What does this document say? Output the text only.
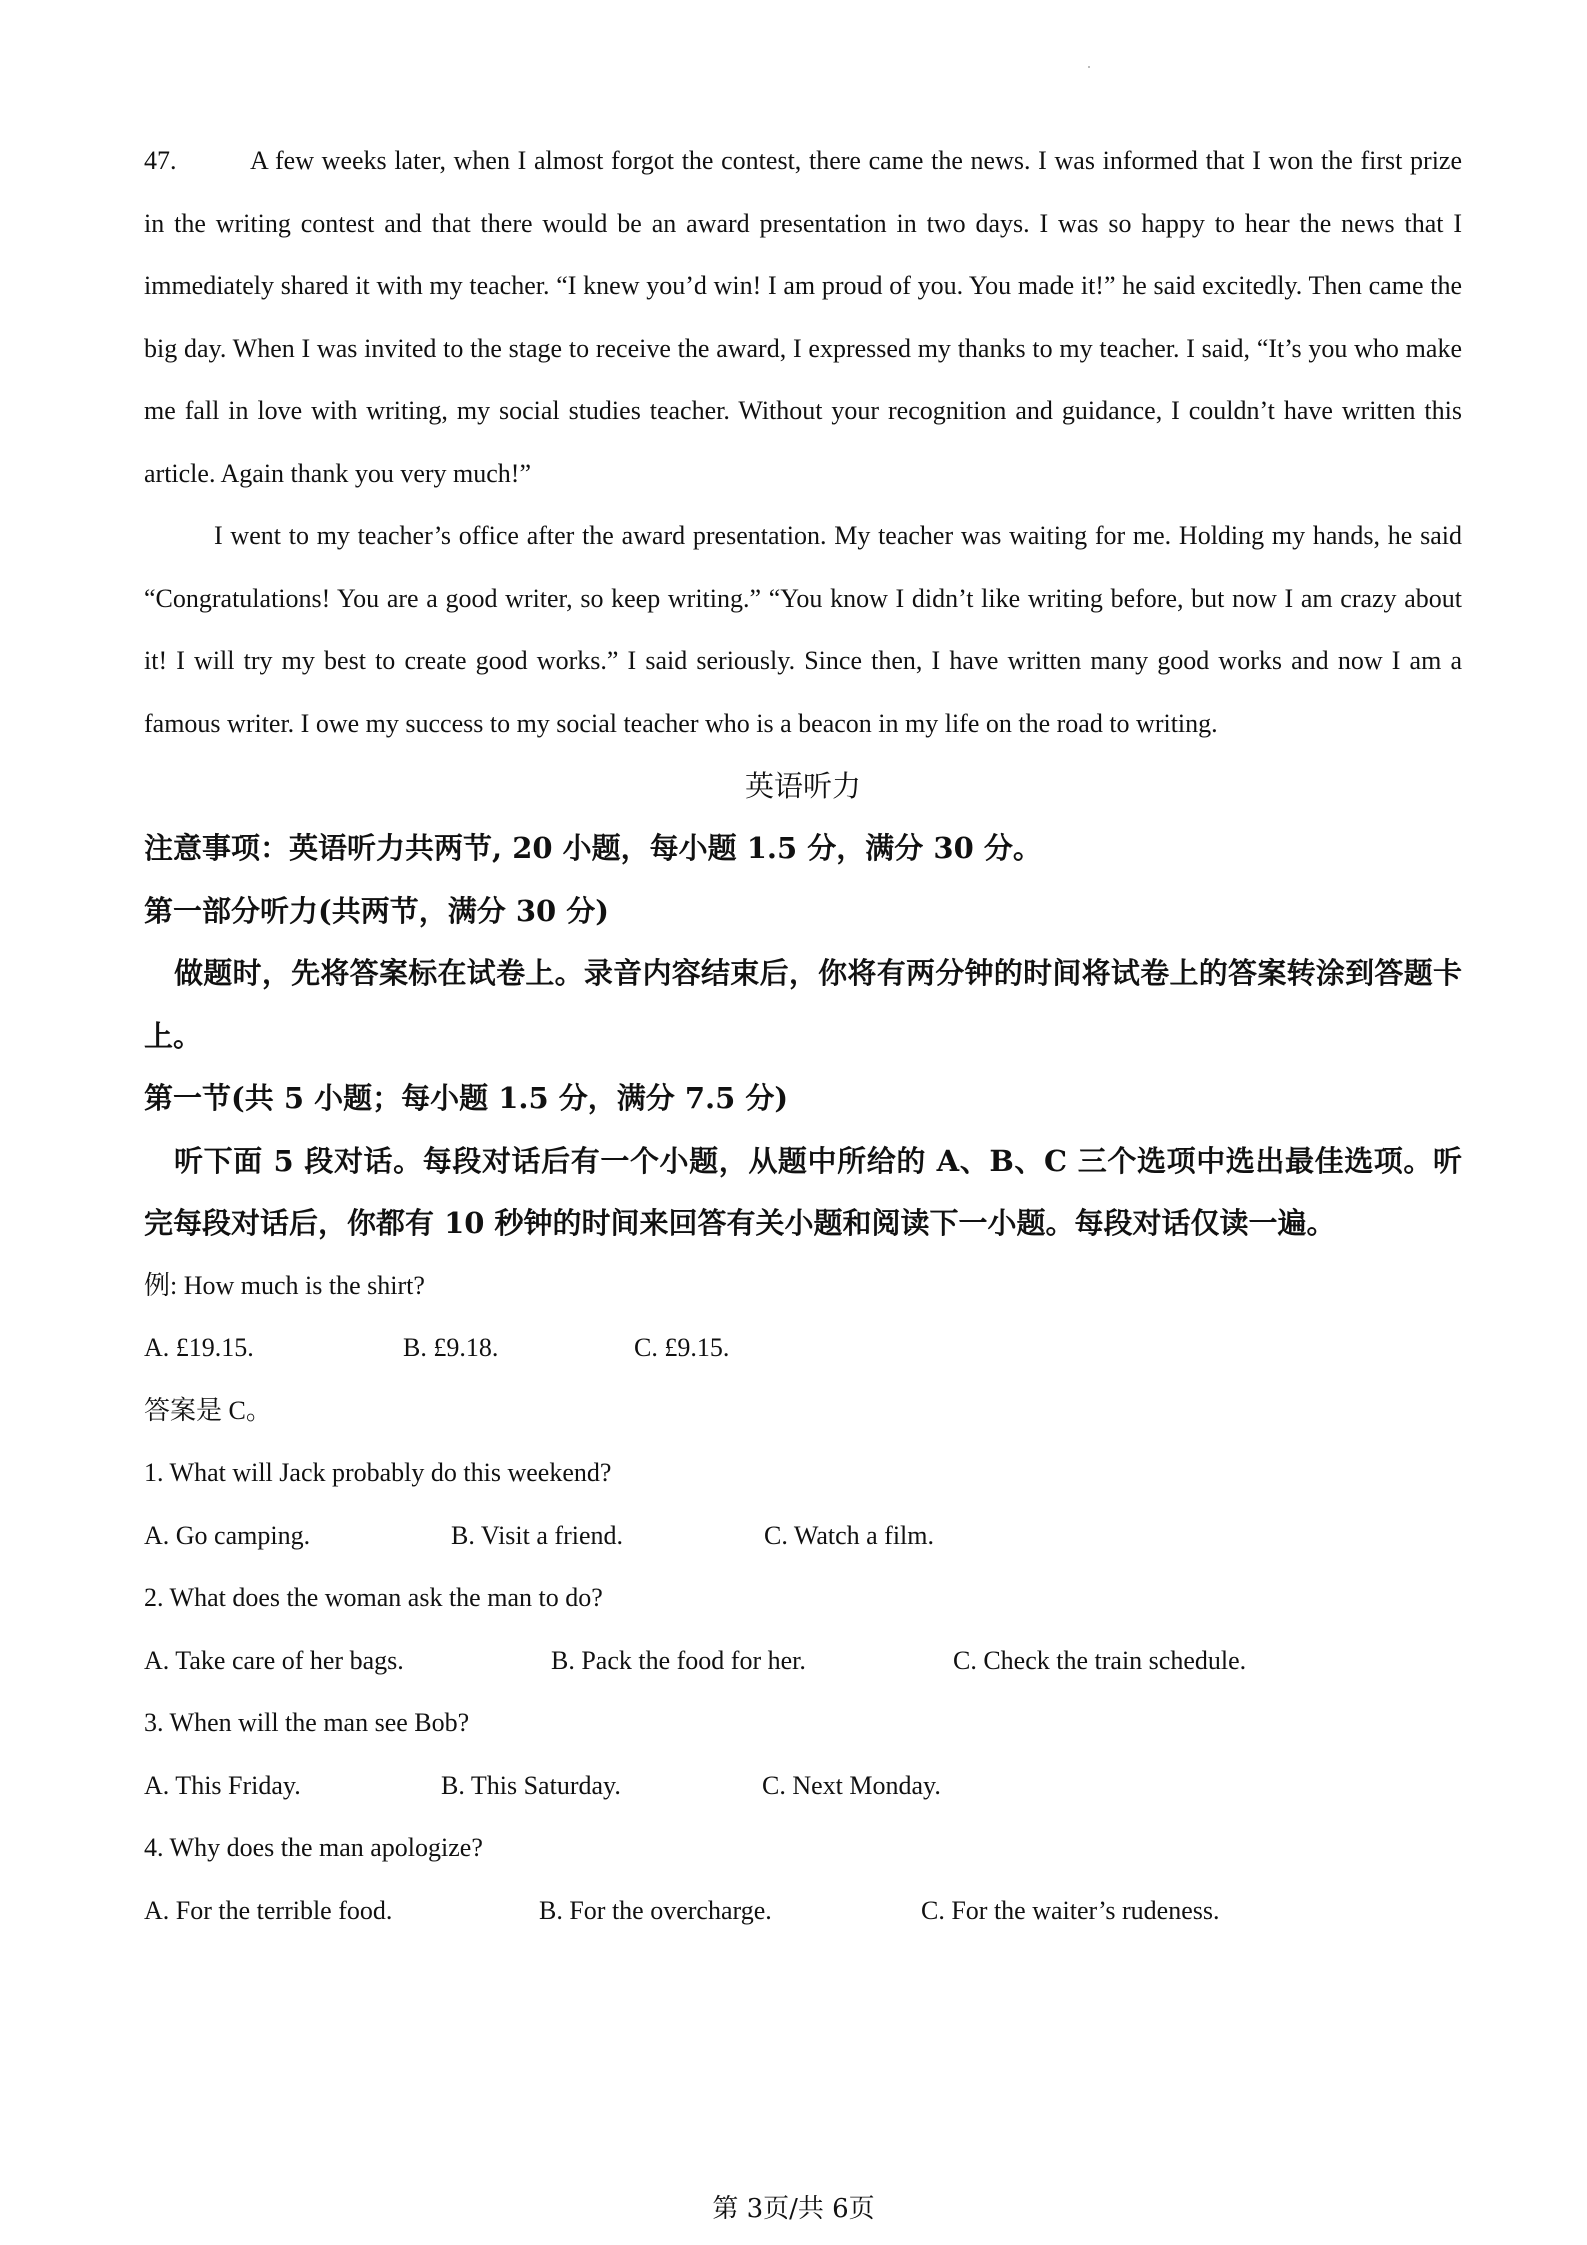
47.	A few weeks later, when I almost forgot the contest, there came the news. I was informed that I won the first prize in the writing contest and that there would be an award presentation in two days. I was so happy to hear the news that I immediately shared it with my teacher. “I knew you’d win! I am proud of you. You made it!” he said excitedly. Then came the big day. When I was invited to the stage to receive the award, I expressed my thanks to my teacher. I said, “It’s you who make me fall in love with writing, my social studies teacher. Without your recognition and guidance, I couldn’t have written this article. Again thank you very much!”

I went to my teacher’s office after the award presentation. My teacher was waiting for me. Holding my hands, he said “Congratulations! You are a good writer, so keep writing.” “You know I didn’t like writing before, but now I am crazy about it! I will try my best to create good works.” I said seriously. Since then, I have written many good works and now I am a famous writer. I owe my success to my social teacher who is a beacon in my life on the road to writing.

英语听力

注意事项：英语听力共两节, 20 小题，每小题 1.5 分，满分 30 分。

第一部分听力(共两节，满分 30 分)

做题时，先将答案标在试卷上。录音内容结束后，你将有两分钟的时间将试卷上的答案转涂到答题卡上。

第一节(共 5 小题；每小题 1.5 分，满分 7.5 分)

听下面 5 段对话。每段对话后有一个小题，从题中所给的 A、B、C 三个选项中选出最佳选项。听完每段对话后，你都有 10 秒钟的时间来回答有关小题和阅读下一小题。每段对话仅读一遍。

例: How much is the shirt?

A. £19.15.	B. £9.18.	C. £9.15.

答案是 C。

1. What will Jack probably do this weekend?

A. Go camping.	B. Visit a friend.	C. Watch a film.

2. What does the woman ask the man to do?

A. Take care of her bags.	B. Pack the food for her.	C. Check the train schedule.

3. When will the man see Bob?

A. This Friday.	B. This Saturday.	C. Next Monday.

4. Why does the man apologize?

A. For the terrible food.	B. For the overcharge.	C. For the waiter’s rudeness.
第 3页/共 6页
